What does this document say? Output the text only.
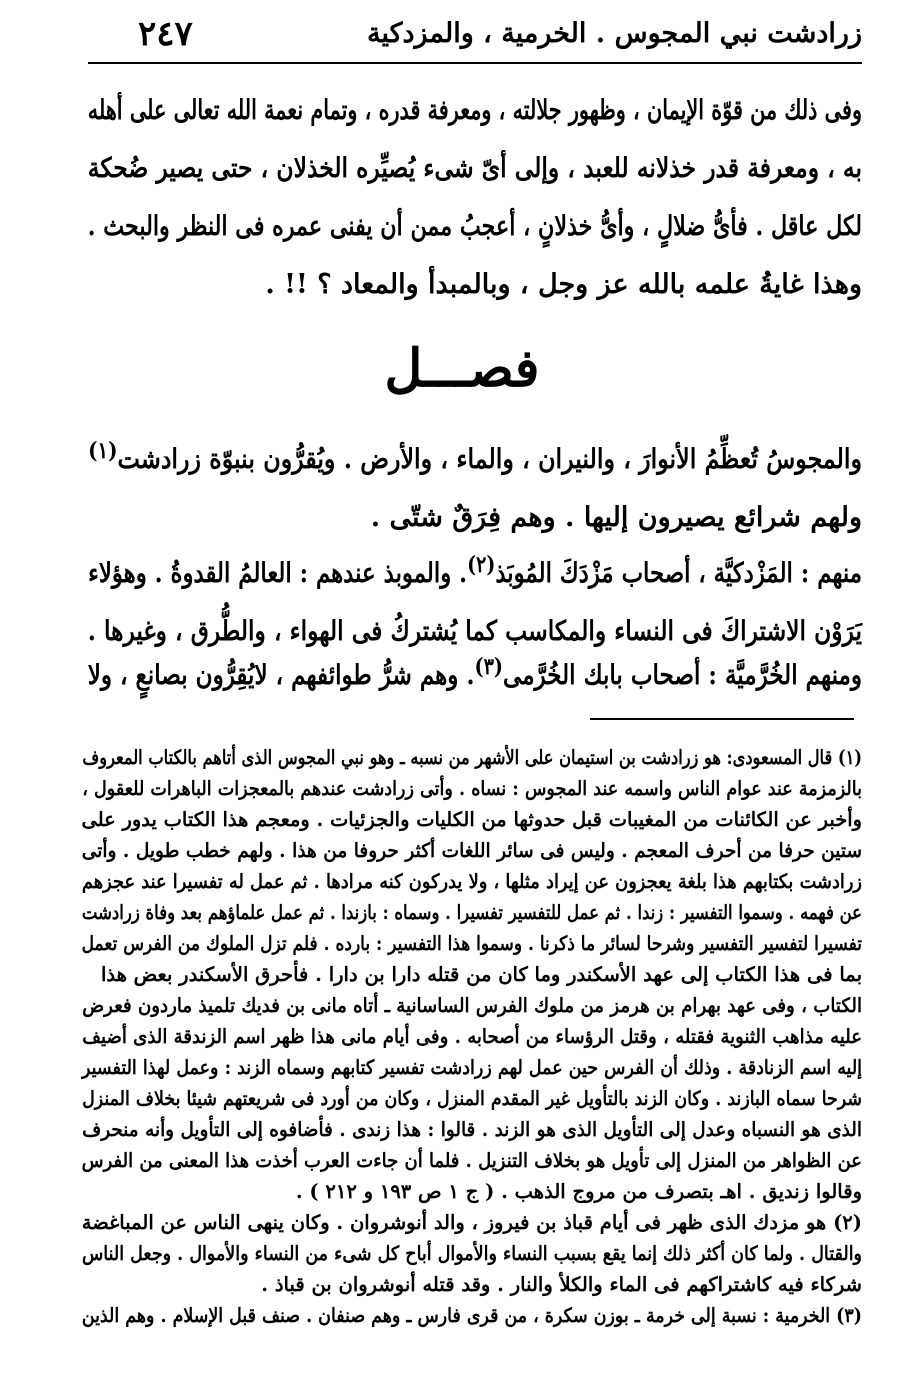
٢٤٧	زرادشت نبي المجوس . الخرمية ، والمزدكية
وفى ذلك من قوّة الإيمان ، وظهور جلالته ، ومعرفة قدره ، وتمام نعمة الله تعالى على أهله
به ، ومعرفة قدر خذلانه للعبد ، وإلى أىّ شىء يُصيِّره الخذلان ، حتى يصير ضُحكة
لكل عاقل . فأىُّ ضلالٍ ، وأىُّ خذلانٍ ، أعجبُ ممن أن يفنى عمره فى النظر والبحث .
وهذا غايةُ علمه بالله عز وجل ، وبالمبدأ والمعاد ؟ !! .
فصـــل
والمجوسُ تُعظِّمُ الأنوارَ ، والنيران ، والماء ، والأرض . ويُقرُّون بنبوّة زرادشت$^{(١)}$
ولهم شرائع يصيرون إليها . وهم فِرَقٌ شتّى .
منهم : المَزْدكيَّة ، أصحاب مَزْدَكَ المُوبَذ$^{(٢)}$. والموبذ عندهم : العالمُ القدوةُ . وهؤلاء
يَرَوْن الاشتراكَ فى النساء والمكاسب كما يُشتركُ فى الهواء ، والطُّرق ، وغيرها .
ومنهم الخُرَّميَّة : أصحاب بابك الخُرَّمى$^{(٣)}$. وهم شرُّ طوائفهم ، لايُقِرُّون بصانعٍ ، ولا
(١) قال المسعودى: هو زرادشت بن استيمان على الأشهر من نسبه ـ وهو نبي المجوس الذى أتاهم بالكتاب المعروف
بالزمزمة عند عوام الناس واسمه عند المجوس : نساه . وأتى زرادشت عندهم بالمعجزات الباهرات للعقول ،
وأخبر عن الكائنات من المغيبات قبل حدوثها من الكليات والجزئيات . ومعجم هذا الكتاب يدور على
ستين حرفا من أحرف المعجم . وليس فى سائر اللغات أكثر حروفا من هذا . ولهم خطب طويل . وأتى
زرادشت بكتابهم هذا بلغة يعجزون عن إيراد مثلها ، ولا يدركون كنه مرادها . ثم عمل له تفسيرا عند عجزهم
عن فهمه . وسموا التفسير : زندا . ثم عمل للتفسير تفسيرا . وسماه : بازندا . ثم عمل علماؤهم بعد وفاة زرادشت
تفسيرا لتفسير التفسير وشرحا لسائر ما ذكرنا . وسموا هذا التفسير : بارده . فلم تزل الملوك من الفرس تعمل
بما فى هذا الكتاب إلى عهد الأسكندر وما كان من قتله دارا بن دارا . فأحرق الأسكندر بعض هذا
الكتاب ، وفى عهد بهرام بن هرمز من ملوك الفرس الساسانية ـ أتاه مانى بن فديك تلميذ ماردون فعرض
عليه مذاهب الثنوية فقتله ، وقتل الرؤساء من أصحابه . وفى أيام مانى هذا ظهر اسم الزندقة الذى أضيف
إليه اسم الزنادقة . وذلك أن الفرس حين عمل لهم زرادشت تفسير كتابهم وسماه الزند : وعمل لهذا التفسير
شرحا سماه البازند . وكان الزند بالتأويل غير المقدم المنزل ، وكان من أورد فى شريعتهم شيئا بخلاف المنزل
الذى هو النسباه وعدل إلى التأويل الذى هو الزند . قالوا : هذا زندى . فأضافوه إلى التأويل وأنه منحرف
عن الظواهر من المنزل إلى تأويل هو بخلاف التنزيل . فلما أن جاءت العرب أخذت هذا المعنى من الفرس
وقالوا زنديق . اهـ بتصرف من مروج الذهب . ( ج ١ ص ١٩٣ و ٢١٢ ) .
(٢) هو مزدك الذى ظهر فى أيام قباذ بن فيروز ، والد أنوشروان . وكان ينهى الناس عن المباغضة
والقتال . ولما كان أكثر ذلك إنما يقع بسبب النساء والأموال أباح كل شىء من النساء والأموال . وجعل الناس
شركاء فيه كاشتراكهم فى الماء والكلأ والنار . وقد قتله أنوشروان بن قباذ .
(٣) الخرمية : نسبة إلى خرمة ـ بوزن سكرة ، من قرى فارس ـ وهم صنفان . صنف قبل الإسلام . وهم الذين
